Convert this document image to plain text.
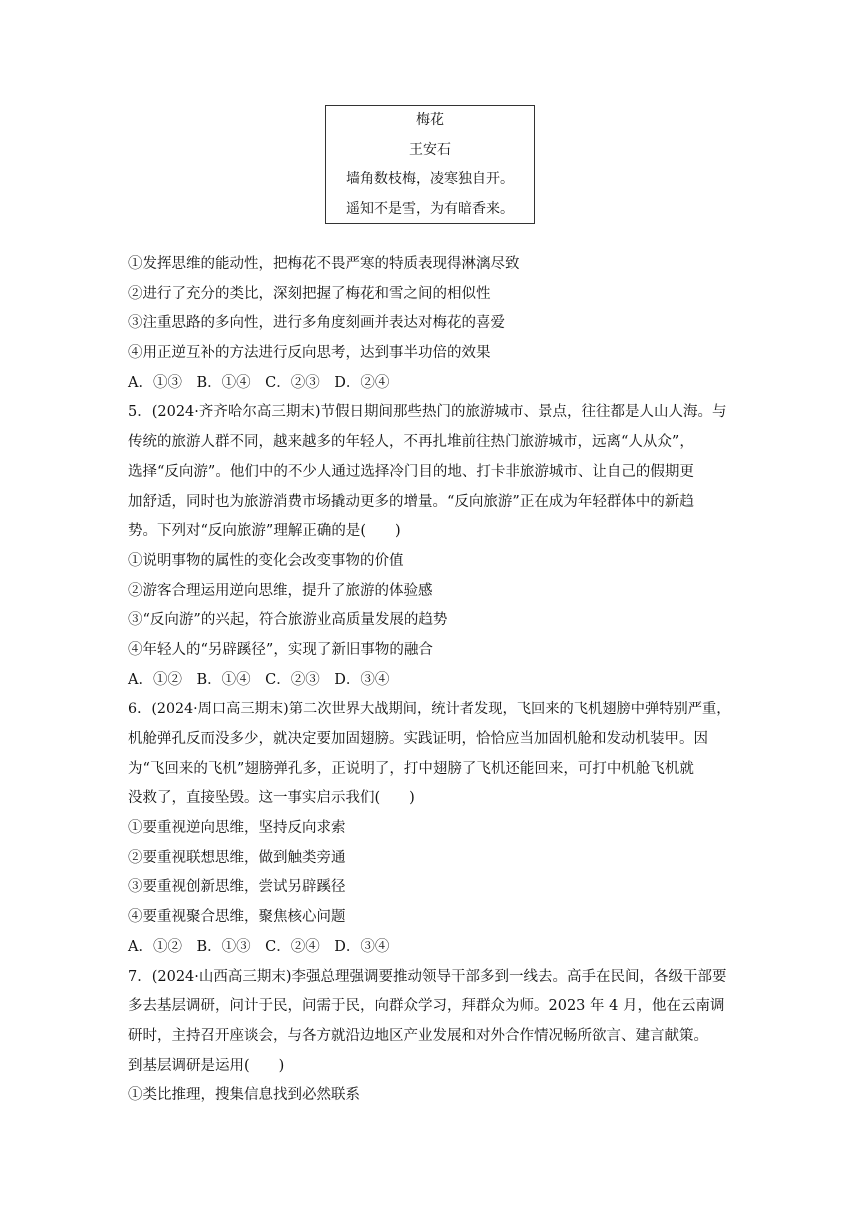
梅花
王安石
墙角数枝梅，凌寒独自开。
遥知不是雪，为有暗香来。
①发挥思维的能动性，把梅花不畏严寒的特质表现得淋漓尽致
②进行了充分的类比，深刻把握了梅花和雪之间的相似性
③注重思路的多向性，进行多角度刻画并表达对梅花的喜爱
④用正逆互补的方法进行反向思考，达到事半功倍的效果
A．①③　B．①④　C．②③　D．②④
5．(2024·齐齐哈尔高三期末)节假日期间那些热门的旅游城市、景点，往往都是人山人海。与
传统的旅游人群不同，越来越多的年轻人，不再扎堆前往热门旅游城市，远离“人从众”，
选择“反向游”。他们中的不少人通过选择冷门目的地、打卡非旅游城市、让自己的假期更
加舒适，同时也为旅游消费市场撬动更多的增量。“反向旅游”正在成为年轻群体中的新趋
势。下列对“反向旅游”理解正确的是(　　)
①说明事物的属性的变化会改变事物的价值
②游客合理运用逆向思维，提升了旅游的体验感
③“反向游”的兴起，符合旅游业高质量发展的趋势
④年轻人的“另辟蹊径”，实现了新旧事物的融合
A．①②　B．①④　C．②③　D．③④
6．(2024·周口高三期末)第二次世界大战期间，统计者发现，飞回来的飞机翅膀中弹特别严重，
机舱弹孔反而没多少，就决定要加固翅膀。实践证明，恰恰应当加固机舱和发动机装甲。因
为“飞回来的飞机”翅膀弹孔多，正说明了，打中翅膀了飞机还能回来，可打中机舱飞机就
没救了，直接坠毁。这一事实启示我们(　　)
①要重视逆向思维，坚持反向求索
②要重视联想思维，做到触类旁通
③要重视创新思维，尝试另辟蹊径
④要重视聚合思维，聚焦核心问题
A．①②　B．①③　C．②④　D．③④
7．(2024·山西高三期末)李强总理强调要推动领导干部多到一线去。高手在民间，各级干部要
多去基层调研，问计于民，问需于民，向群众学习，拜群众为师。2023 年 4 月，他在云南调
研时，主持召开座谈会，与各方就沿边地区产业发展和对外合作情况畅所欲言、建言献策。
到基层调研是运用(　　)
①类比推理，搜集信息找到必然联系
